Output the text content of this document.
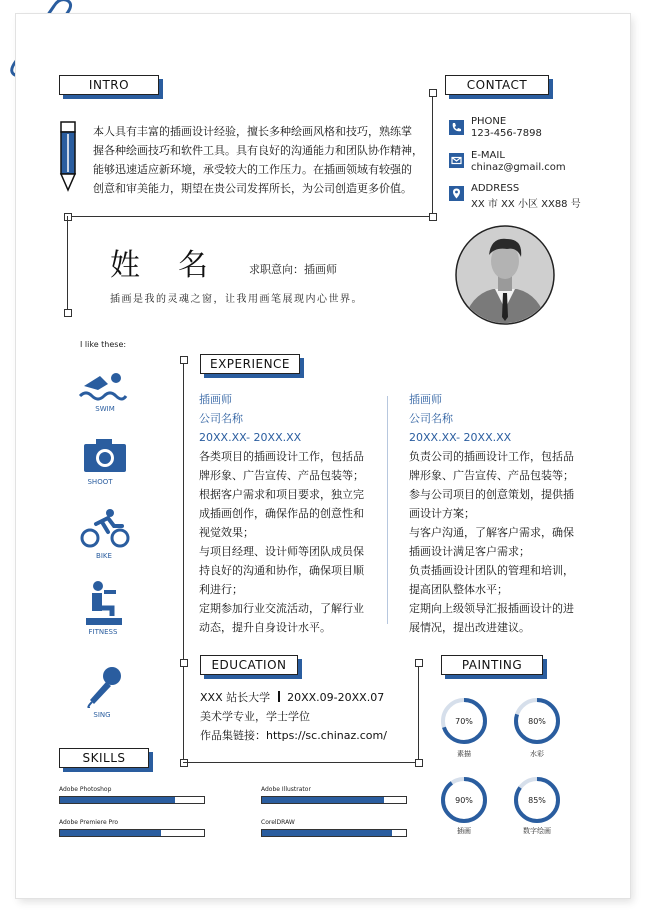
INTRO
本人具有丰富的插画设计经验，擅长多种绘画风格和技巧，熟练掌
握各种绘画技巧和软件工具。具有良好的沟通能力和团队协作精神，
能够迅速适应新环境，承受较大的工作压力。在插画领域有较强的
创意和审美能力，期望在贵公司发挥所长，为公司创造更多价值。
CONTACT
PHONE
123-456-7898
E-MAIL
chinaz@gmail.com
ADDRESS
XX 市 XX 小区 XX88 号
姓　名	求职意向：插画师
插画是我的灵魂之窗，让我用画笔展现内心世界。
I like these:
SWIM
SHOOT
BIKE
FITNESS
SING
EXPERIENCE
插画师
公司名称
20XX.XX- 20XX.XX
各类项目的插画设计工作，包括品
牌形象、广告宣传、产品包装等；
根据客户需求和项目要求，独立完
成插画创作，确保作品的创意性和
视觉效果；
与项目经理、设计师等团队成员保
持良好的沟通和协作，确保项目顺
利进行；
定期参加行业交流活动，了解行业
动态，提升自身设计水平。
插画师
公司名称
20XX.XX- 20XX.XX
负责公司的插画设计工作，包括品
牌形象、广告宣传、产品包装等；
参与公司项目的创意策划，提供插
画设计方案；
与客户沟通，了解客户需求，确保
插画设计满足客户需求；
负责插画设计团队的管理和培训，
提高团队整体水平；
定期向上级领导汇报插画设计的进
展情况，提出改进建议。
EDUCATION
XXX 站长大学 20XX.09-20XX.07
美术学专业，学士学位
作品集链接：https://sc.chinaz.com/
PAINTING
70%
素描
80%
水彩
90%
插画
85%
数字绘画
SKILLS
Adobe Photoshop	Adobe Illustrator
Adobe Premiere Pro	CorelDRAW
